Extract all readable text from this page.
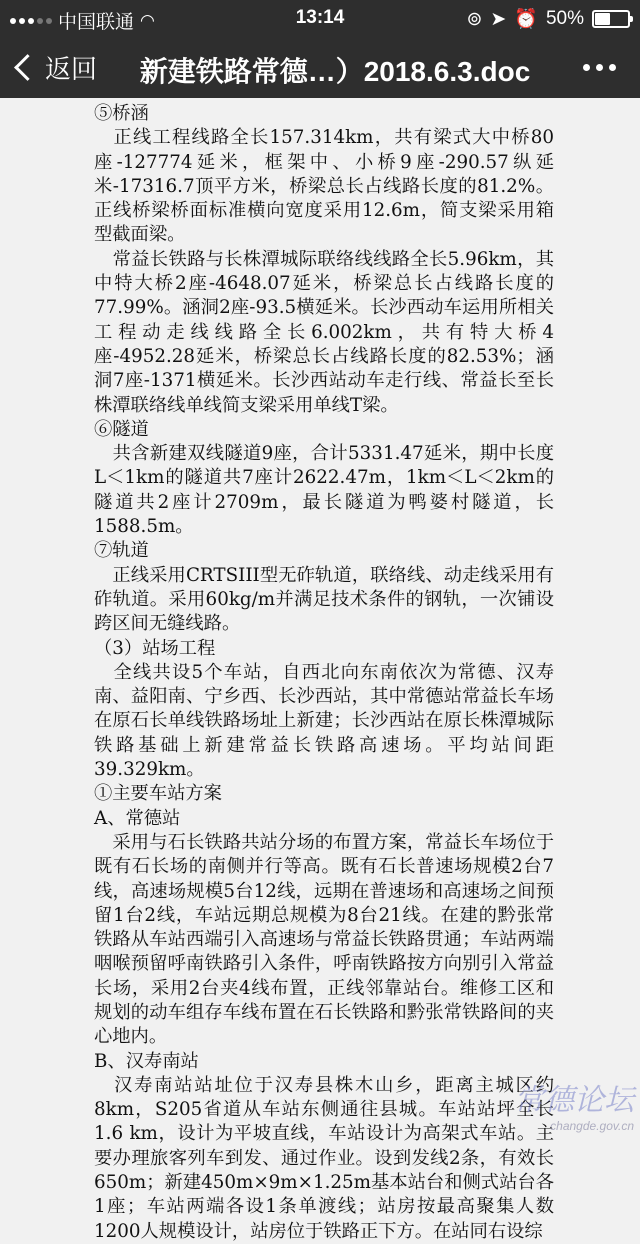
中国联通 ◠	13:14	⊚ ➤ ⏰ 50%
返回	新建铁路常德…）2018.6.3.doc

⑤桥涵

　正线工程线路全长157.314km，共有梁式大中桥80座-127774延米，框架中、小桥9座-290.57纵延米-17316.7顶平方米，桥梁总长占线路长度的81.2%。正线桥梁桥面标准横向宽度采用12.6m，简支梁采用箱型截面梁。

　常益长铁路与长株潭城际联络线线路全长5.96km，其中特大桥2座-4648.07延米，桥梁总长占线路长度的77.99%。涵洞2座-93.5横延米。长沙西动车运用所相关工程动走线线路全长6.002km，共有特大桥4座-4952.28延米，桥梁总长占线路长度的82.53%；涵洞7座-1371横延米。长沙西站动车走行线、常益长至长株潭联络线单线简支梁采用单线T梁。

⑥隧道

　共含新建双线隧道9座，合计5331.47延米，期中长度L＜1km的隧道共7座计2622.47m，1km＜L＜2km的隧道共2座计2709m，最长隧道为鸭婆村隧道，长1588.5m。

⑦轨道

　正线采用CRTSIII型无砟轨道，联络线、动走线采用有砟轨道。采用60kg/m并满足技术条件的钢轨，一次铺设跨区间无缝线路。

（3）站场工程

　全线共设5个车站，自西北向东南依次为常德、汉寿南、益阳南、宁乡西、长沙西站，其中常德站常益长车场在原石长单线铁路场址上新建；长沙西站在原长株潭城际铁路基础上新建常益长铁路高速场。平均站间距39.329km。

①主要车站方案

A、常德站

　采用与石长铁路共站分场的布置方案，常益长车场位于既有石长场的南侧并行等高。既有石长普速场规模2台7线，高速场规模5台12线，远期在普速场和高速场之间预留1台2线，车站远期总规模为8台21线。在建的黔张常铁路从车站西端引入高速场与常益长铁路贯通；车站两端咽喉预留呼南铁路引入条件，呼南铁路按方向别引入常益长场，采用2台夹4线布置，正线邻靠站台。维修工区和规划的动车组存车线布置在石长铁路和黔张常铁路间的夹心地内。

B、汉寿南站

　汉寿南站站址位于汉寿县株木山乡，距离主城区约8km，S205省道从车站东侧通往县城。车站站坪全长1.6 km，设计为平坡直线，车站设计为高架式车站。主要办理旅客列车到发、通过作业。设到发线2条，有效长650m；新建450m×9m×1.25m基本站台和侧式站台各1座；车站两端各设1条单渡线；站房按最高聚集人数1200人规模设计，站房位于铁路正下方。在站同右设综

常德论坛
changde.gov.cn
